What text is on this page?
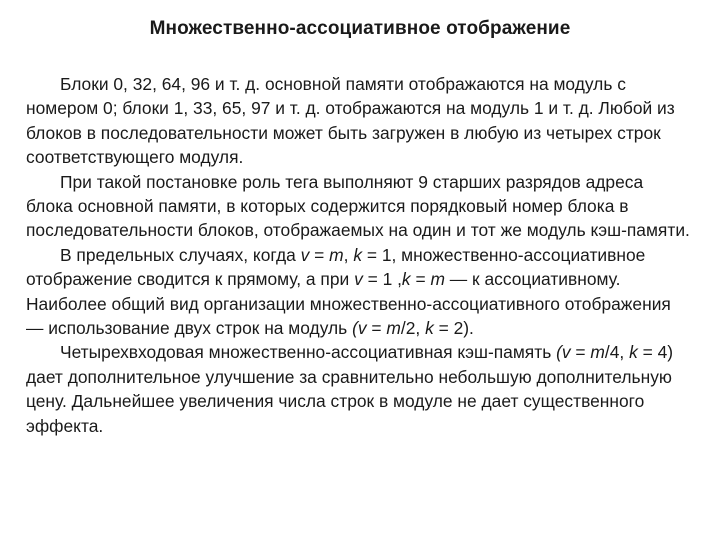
Множественно-ассоциативное отображение

Блоки 0, 32, 64, 96 и т. д. основной памяти отображаются на модуль с номером 0; блоки 1, 33, 65, 97 и т. д. отображаются на модуль 1 и т. д. Любой из блоков в последовательности может быть загружен в любую из четырех строк соответствующего модуля.

При такой постановке роль тега выполняют 9 старших разрядов адреса блока основной памяти, в которых содержится порядковый номер блока в последовательности блоков, отображаемых на один и тот же модуль кэш-памяти.

В предельных случаях, когда v = m, k = 1, множественно-ассоциативное отображение сводится к прямому, а при v = 1 ,k = m — к ассоциативному. Наиболее общий вид организации множественно-ассоциативного отображения — использование двух строк на модуль (v = m/2, k = 2).

Четырехвходовая множественно-ассоциативная кэш-память (v = m/4, k = 4) дает дополнительное улучшение за сравнительно небольшую дополнительную цену. Дальнейшее увеличения числа строк в модуле не дает существенного эффекта.
